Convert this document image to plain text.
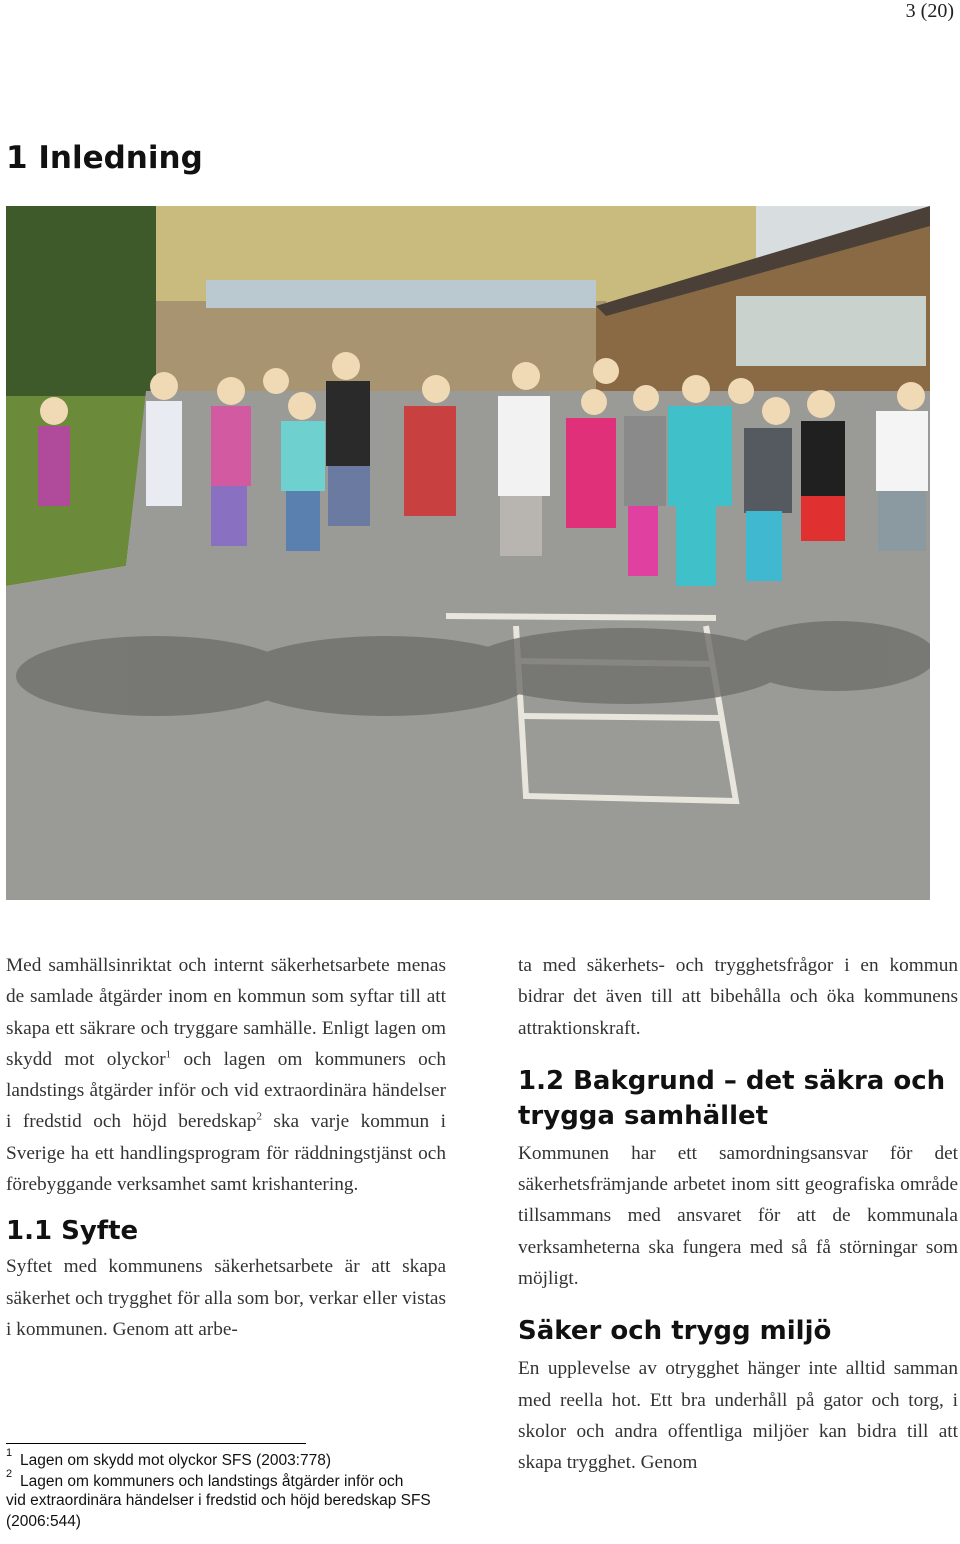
3 (20)
1 Inledning

Med samhällsinriktat och internt säkerhetsarbete menas de samlade åtgärder inom en kommun som syftar till att skapa ett säkrare och tryggare samhälle. Enligt lagen om skydd mot olyckor$^1$ och lagen om kommuners och landstings åtgärder inför och vid extraordinära händelser i fredstid och höjd beredskap$^2$ ska varje kommun i Sverige ha ett handlingsprogram för räddningstjänst och förebyggande verksamhet samt krishantering.

1.1 Syfte

Syftet med kommunens säkerhetsarbete är att skapa säkerhet och trygghet för alla som bor, verkar eller vistas i kommunen. Genom att arbe-

1 Lagen om skydd mot olyckor SFS (2003:778)
2 Lagen om kommuners och landstings åtgärder inför och
vid extraordinära händelser i fredstid och höjd beredskap SFS (2006:544)

ta med säkerhets- och trygghetsfrågor i en kommun bidrar det även till att bibehålla och öka kommunens attraktionskraft.

1.2 Bakgrund – det säkra och trygga samhället

Kommunen har ett samordningsansvar för det säkerhetsfrämjande arbetet inom sitt geografiska område tillsammans med ansvaret för att de kommunala verksamheterna ska fungera med så få störningar som möjligt.

Säker och trygg miljö

En upplevelse av otrygghet hänger inte alltid samman med reella hot. Ett bra underhåll på gator och torg, i skolor och andra offentliga miljöer kan bidra till att skapa trygghet. Genom
